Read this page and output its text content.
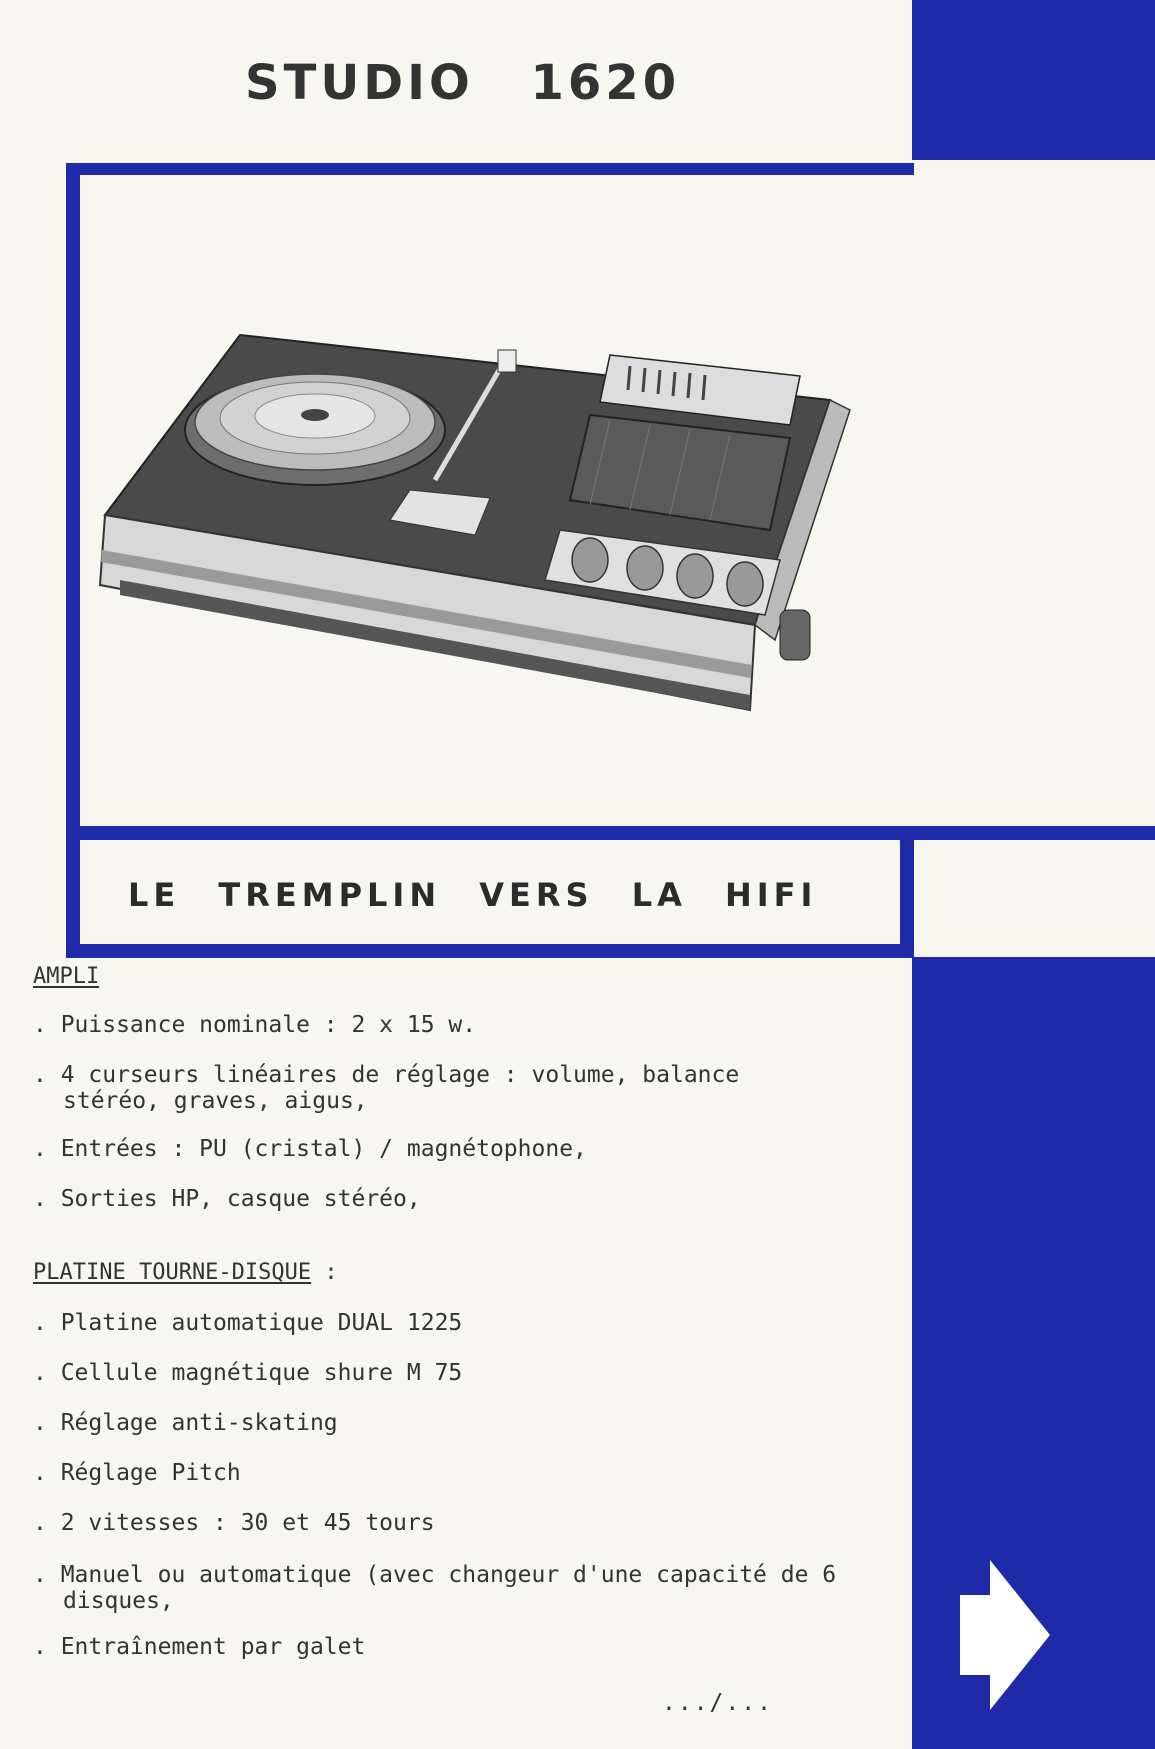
STUDIO 1620
LE TREMPLIN VERS LA HIFI
AMPLI
. Puissance nominale : 2 x 15 w.
. 4 curseurs linéaires de réglage : volume, balance stéréo, graves, aigus,
. Entrées : PU (cristal) / magnétophone,
. Sorties HP, casque stéréo,
PLATINE TOURNE-DISQUE :
. Platine automatique DUAL 1225
. Cellule magnétique shure M 75
. Réglage anti-skating
. Réglage Pitch
. 2 vitesses : 30 et 45 tours
. Manuel ou automatique (avec changeur d'une capacité de 6 disques,
. Entraînement par galet
.../...
